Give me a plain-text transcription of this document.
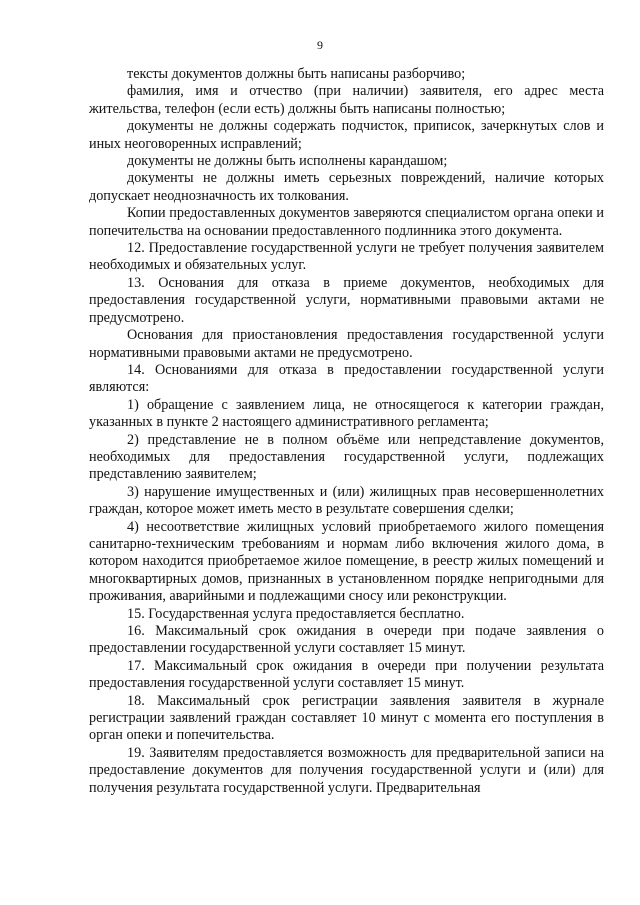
9

тексты документов должны быть написаны разборчиво;

фамилия, имя и отчество (при наличии) заявителя, его адрес места жительства, телефон (если есть) должны быть написаны полностью;

документы не должны содержать подчисток, приписок, зачеркнутых слов и иных неоговоренных исправлений;

документы не должны быть исполнены карандашом;

документы не должны иметь серьезных повреждений, наличие которых допускает неоднозначность их толкования.

Копии предоставленных документов заверяются специалистом органа опеки и попечительства на основании предоставленного подлинника этого документа.

12. Предоставление государственной услуги не требует получения заявителем необходимых и обязательных услуг.

13. Основания для отказа в приеме документов, необходимых для предоставления государственной услуги, нормативными правовыми актами не предусмотрено.

Основания для приостановления предоставления государственной услуги нормативными правовыми актами не предусмотрено.

14. Основаниями для отказа в предоставлении государственной услуги являются:

1) обращение с заявлением лица, не относящегося к категории граждан, указанных в пункте 2 настоящего административного регламента;

2) представление не в полном объёме или непредставление документов, необходимых для предоставления государственной услуги, подлежащих представлению заявителем;

3) нарушение имущественных и (или) жилищных прав несовершеннолетних граждан, которое может иметь место в результате совершения сделки;

4) несоответствие жилищных условий приобретаемого жилого помещения санитарно-техническим требованиям и нормам либо включения жилого дома, в котором находится приобретаемое жилое помещение, в реестр жилых помещений и многоквартирных домов, признанных в установленном порядке непригодными для проживания, аварийными и подлежащими сносу или реконструкции.

15. Государственная услуга предоставляется бесплатно.

16. Максимальный срок ожидания в очереди при подаче заявления о предоставлении государственной услуги составляет 15 минут.

17. Максимальный срок ожидания в очереди при получении результата предоставления государственной услуги составляет 15 минут.

18. Максимальный срок регистрации заявления заявителя в журнале регистрации заявлений граждан составляет 10 минут с момента его поступления в орган опеки и попечительства.

19. Заявителям предоставляется возможность для предварительной записи на предоставление документов для получения государственной услуги и (или) для получения результата государственной услуги. Предварительная
